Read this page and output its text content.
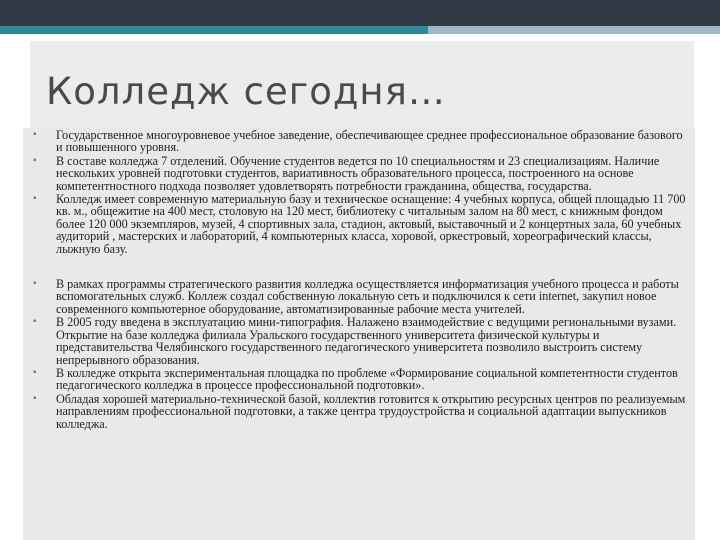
Колледж сегодня…
▪ Государственное многоуровневое учебное заведение, обеспечивающее среднее профессиональное образование базового и повышенного уровня.
▪ В составе колледжа 7 отделений. Обучение студентов ведется по 10 специальностям и 23 специализациям. Наличие нескольких уровней подготовки студентов, вариативность образовательного процесса, построенного на основе компетентностного подхода позволяет удовлетворять потребности гражданина, общества, государства.
▪ Колледж имеет современную материальную базу и техническое оснащение: 4 учебных корпуса, общей площадью 11 700 кв. м., общежитие на 400 мест, столовую на 120 мест, библиотеку с читальным залом на 80 мест, с книжным фондом более 120 000 экземпляров, музей, 4 спортивных зала, стадион, актовый, выставочный и 2 концертных зала, 60 учебных аудиторий , мастерских и лабораторий, 4 компьютерных класса, хоровой, оркестровый, хореографический классы, лыжную базу.
▪ В рамках программы стратегического развития колледжа осуществляется информатизация учебного процесса и работы вспомогательных служб. Коллеж создал собственную локальную сеть и подключился к сети internet, закупил новое современного компьютерное оборудование, автоматизированные рабочие места учителей.
▪ В 2005 году введена в эксплуатацию мини-типография. Налажено взаимодействие с ведущими региональными вузами. Открытие на базе колледжа филиала Уральского государственного университета физической культуры и представительства Челябинского государственного педагогического университета позволило выстроить систему непрерывного образования.
▪ В колледже открыта экспериментальная площадка по проблеме «Формирование социальной компетентности студентов педагогического колледжа в процессе профессиональной подготовки».
▪ Обладая хорошей материально-технической базой, коллектив готовится к открытию ресурсных центров по реализуемым направлениям профессиональной подготовки, а также центра трудоустройства и социальной адаптации выпускников колледжа.
